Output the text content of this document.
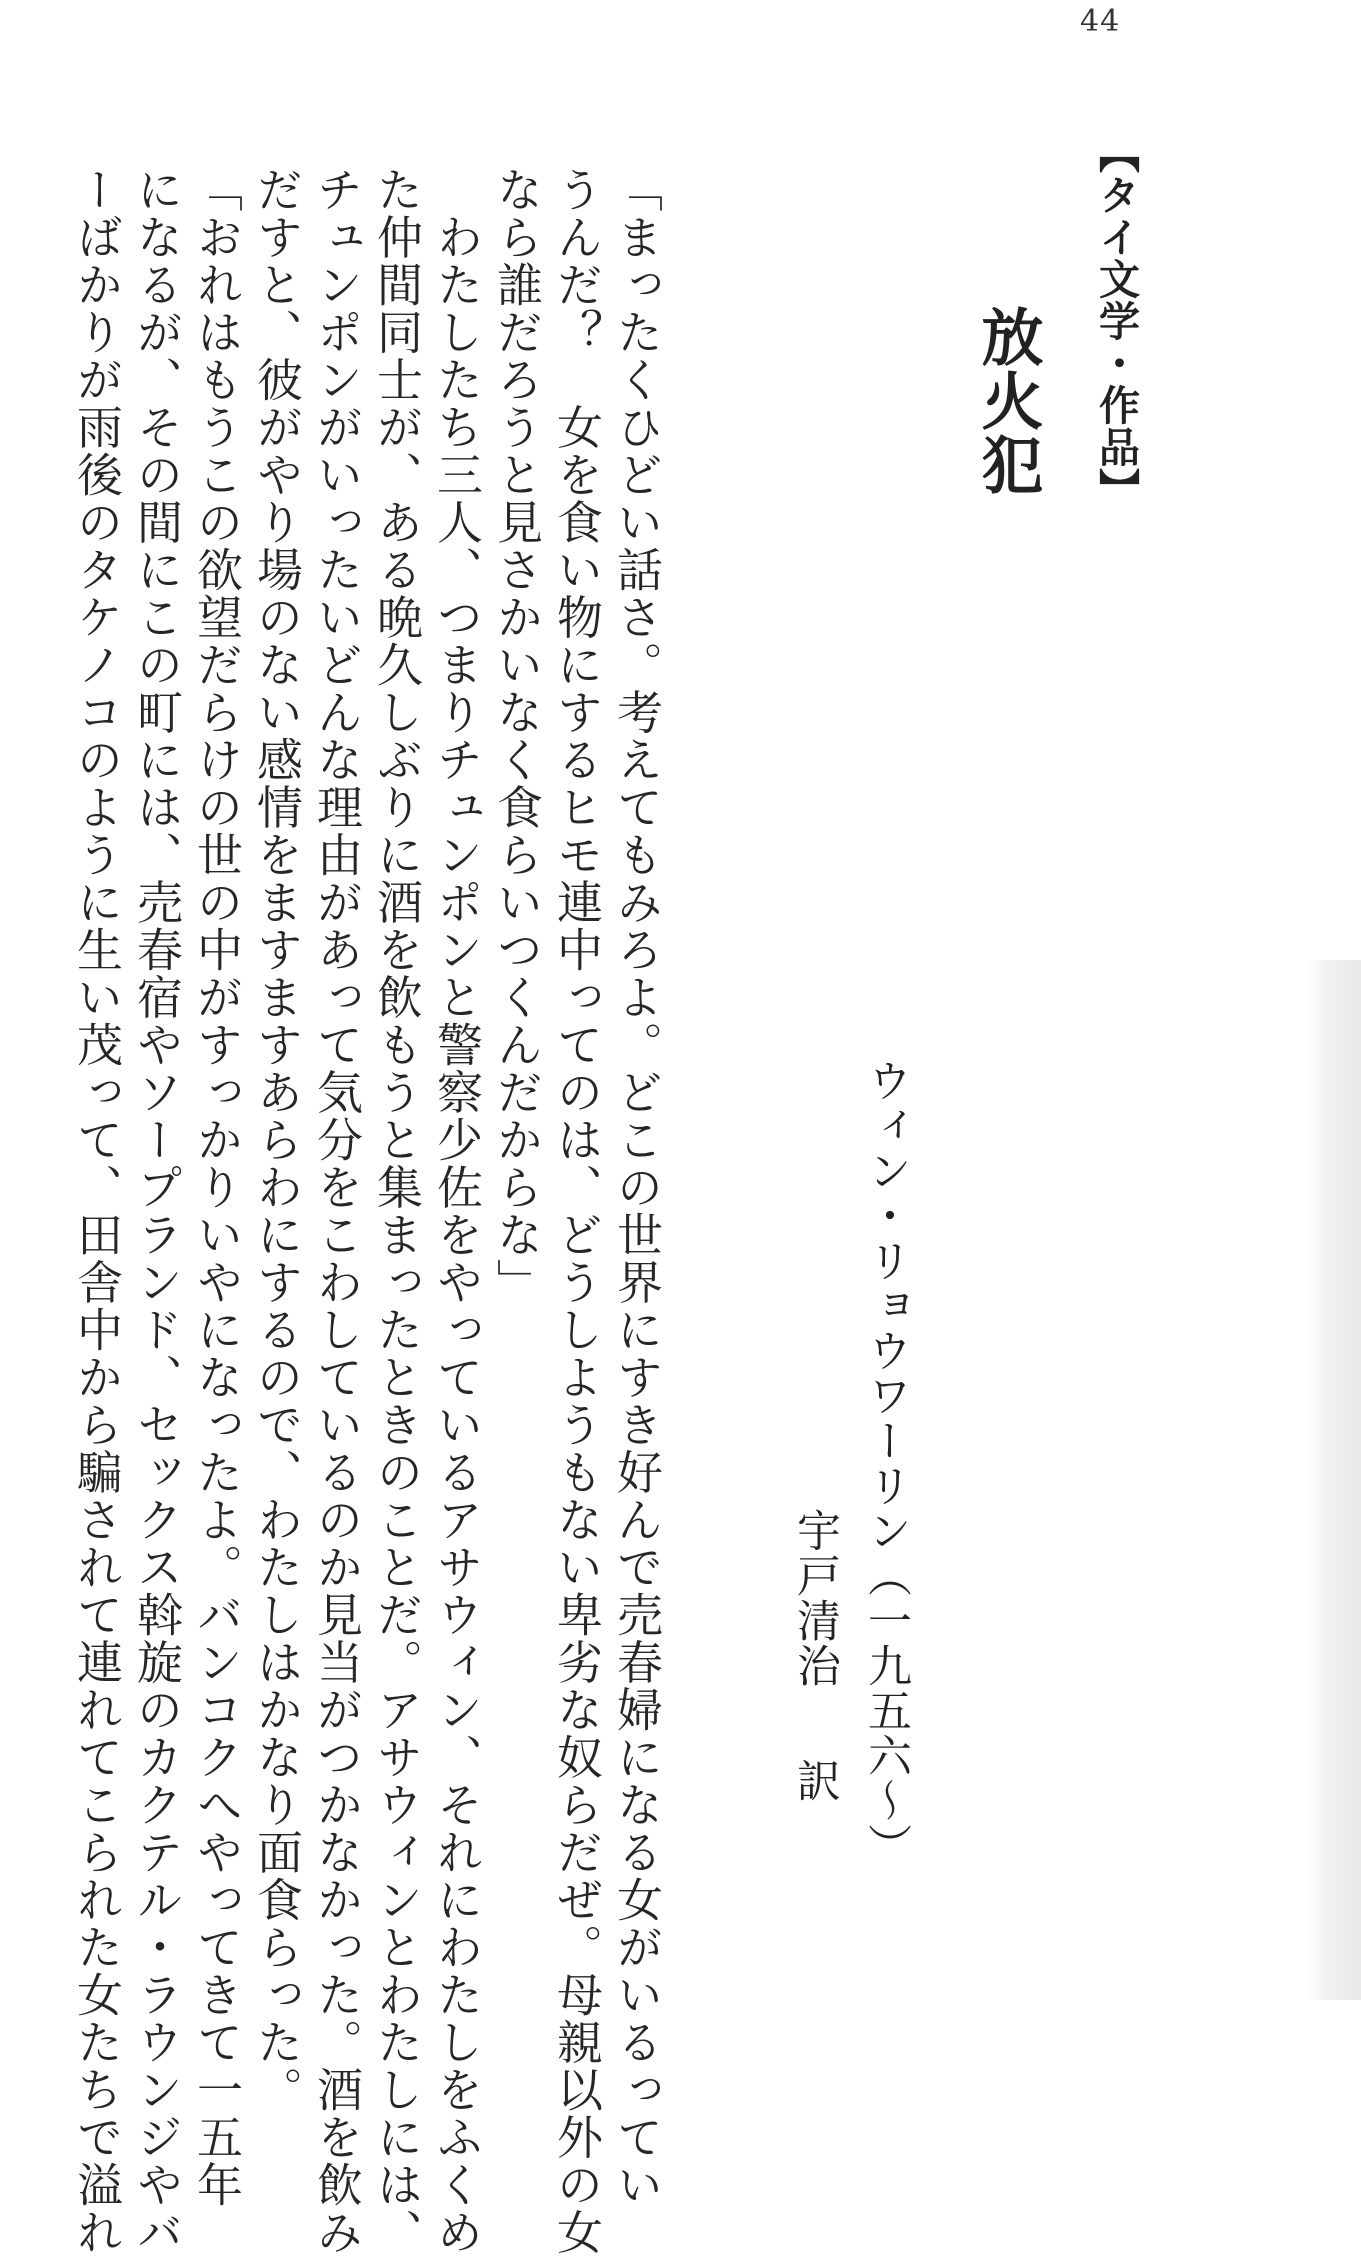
44
【タイ文学・作品】
放火犯
ウィン・リョウワーリン（一九五六〜）
宇戸清治訳
「まったくひどい話さ。考えてもみろよ。どこの世界にすき好んで売春婦になる女がいるってい
うんだ？　女を食い物にするヒモ連中ってのは、どうしようもない卑劣な奴らだぜ。母親以外の女
なら誰だろうと見さかいなく食らいつくんだからな」
　わたしたち三人、つまりチュンポンと警察少佐をやっているアサウィン、それにわたしをふくめ
た仲間同士が、ある晩久しぶりに酒を飲もうと集まったときのことだ。アサウィンとわたしには、
チュンポンがいったいどんな理由があって気分をこわしているのか見当がつかなかった。酒を飲み
だすと、彼がやり場のない感情をますますあらわにするので、わたしはかなり面食らった。
「おれはもうこの欲望だらけの世の中がすっかりいやになったよ。バンコクへやってきて一五年
になるが、その間にこの町には、売春宿やソープランド、セックス斡旋のカクテル・ラウンジやバ
ーばかりが雨後のタケノコのように生い茂って、田舎中から騙されて連れてこられた女たちで溢れ
